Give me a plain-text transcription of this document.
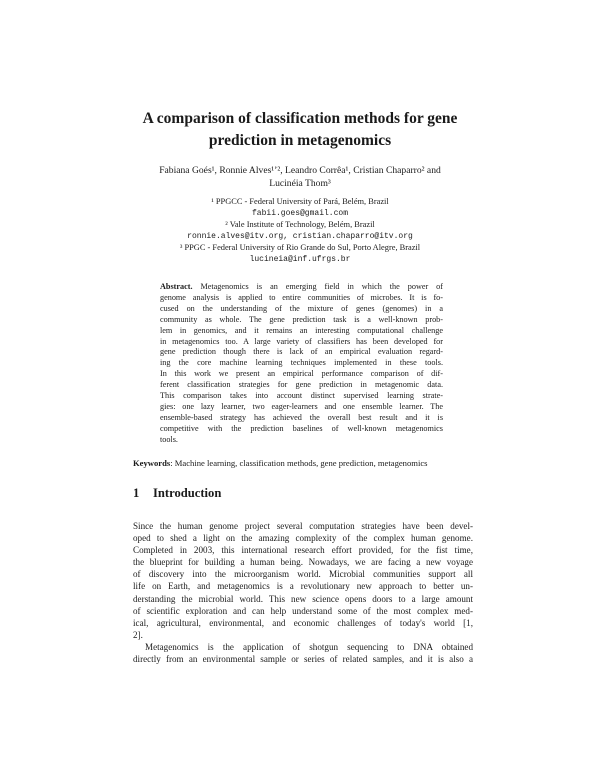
A comparison of classification methods for gene
prediction in metagenomics
Fabiana Goés¹, Ronnie Alves¹ʼ², Leandro Corrêa¹, Cristian Chaparro² and
Lucinéia Thom³
¹ PPGCC - Federal University of Pará, Belém, Brazil
fabii.goes@gmail.com
² Vale Institute of Technology, Belém, Brazil
ronnie.alves@itv.org, cristian.chaparro@itv.org
³ PPGC - Federal University of Rio Grande do Sul, Porto Alegre, Brazil
lucineia@inf.ufrgs.br
Abstract. Metagenomics is an emerging field in which the power of
genome analysis is applied to entire communities of microbes. It is fo-
cused on the understanding of the mixture of genes (genomes) in a
community as whole. The gene prediction task is a well-known prob-
lem in genomics, and it remains an interesting computational challenge
in metagenomics too. A large variety of classifiers has been developed for
gene prediction though there is lack of an empirical evaluation regard-
ing the core machine learning techniques implemented in these tools.
In this work we present an empirical performance comparison of dif-
ferent classification strategies for gene prediction in metagenomic data.
This comparison takes into account distinct supervised learning strate-
gies: one lazy learner, two eager-learners and one ensemble learner. The
ensemble-based strategy has achieved the overall best result and it is
competitive with the prediction baselines of well-known metagenomics
tools.
Keywords: Machine learning, classification methods, gene prediction, metagenomics
1 Introduction
Since the human genome project several computation strategies have been devel-
oped to shed a light on the amazing complexity of the complex human genome.
Completed in 2003, this international research effort provided, for the fist time,
the blueprint for building a human being. Nowadays, we are facing a new voyage
of discovery into the microorganism world. Microbial communities support all
life on Earth, and metagenomics is a revolutionary new approach to better un-
derstanding the microbial world. This new science opens doors to a large amount
of scientific exploration and can help understand some of the most complex med-
ical, agricultural, environmental, and economic challenges of today's world [1,
2].
Metagenomics is the application of shotgun sequencing to DNA obtained
directly from an environmental sample or series of related samples, and it is also a
